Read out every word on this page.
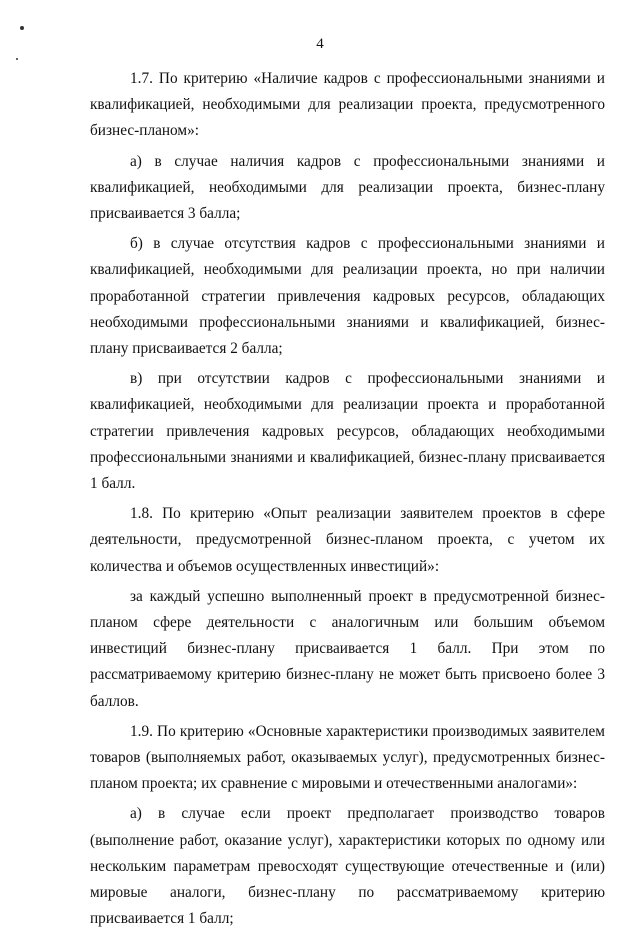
4

1.7. По критерию «Наличие кадров с профессиональными знаниями и квалификацией, необходимыми для реализации проекта, предусмотренного бизнес-планом»:

а) в случае наличия кадров с профессиональными знаниями и квалификацией, необходимыми для реализации проекта, бизнес-плану присваивается 3 балла;

б) в случае отсутствия кадров с профессиональными знаниями и квалификацией, необходимыми для реализации проекта, но при наличии проработанной стратегии привлечения кадровых ресурсов, обладающих необходимыми профессиональными знаниями и квалификацией, бизнес-плану присваивается 2 балла;

в) при отсутствии кадров с профессиональными знаниями и квалификацией, необходимыми для реализации проекта и проработанной стратегии привлечения кадровых ресурсов, обладающих необходимыми профессиональными знаниями и квалификацией, бизнес-плану присваивается 1 балл.

1.8. По критерию «Опыт реализации заявителем проектов в сфере деятельности, предусмотренной бизнес-планом проекта, с учетом их количества и объемов осуществленных инвестиций»:

за каждый успешно выполненный проект в предусмотренной бизнес-планом сфере деятельности с аналогичным или большим объемом инвестиций бизнес-плану присваивается 1 балл. При этом по рассматриваемому критерию бизнес-плану не может быть присвоено более 3 баллов.

1.9. По критерию «Основные характеристики производимых заявителем товаров (выполняемых работ, оказываемых услуг), предусмотренных бизнес-планом проекта; их сравнение с мировыми и отечественными аналогами»:

а) в случае если проект предполагает производство товаров (выполнение работ, оказание услуг), характеристики которых по одному или нескольким параметрам превосходят существующие отечественные и (или) мировые аналоги, бизнес-плану по рассматриваемому критерию присваивается 1 балл;
